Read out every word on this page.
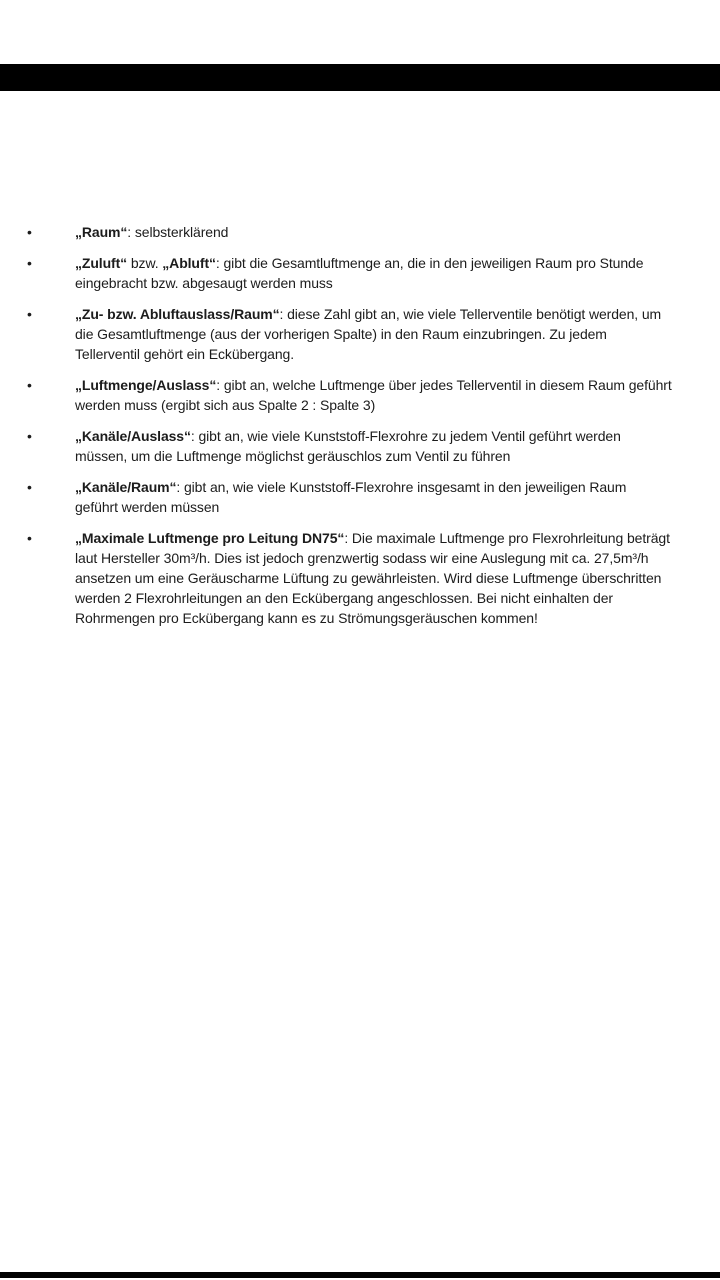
•	„Raum“: selbsterklärend
•	„Zuluft“ bzw. „Abluft“: gibt die Gesamtluftmenge an, die in den jeweiligen Raum pro Stunde eingebracht bzw. abgesaugt werden muss
•	„Zu- bzw. Abluftauslass/Raum“: diese Zahl gibt an, wie viele Tellerventile benötigt werden, um die Gesamtluftmenge (aus der vorherigen Spalte) in den Raum einzubringen. Zu jedem Tellerventil gehört ein Eckübergang.
•	„Luftmenge/Auslass“: gibt an, welche Luftmenge über jedes Tellerventil in diesem Raum geführt werden muss (ergibt sich aus Spalte 2 : Spalte 3)
•	„Kanäle/Auslass“: gibt an, wie viele Kunststoff-Flexrohre zu jedem Ventil geführt werden müssen, um die Luftmenge möglichst geräuschlos zum Ventil zu führen
•	„Kanäle/Raum“: gibt an, wie viele Kunststoff-Flexrohre insgesamt in den jeweiligen Raum geführt werden müssen
•	„Maximale Luftmenge pro Leitung DN75“: Die maximale Luftmenge pro Flexrohrleitung beträgt laut Hersteller 30m³/h. Dies ist jedoch grenzwertig sodass wir eine Auslegung mit ca. 27,5m³/h ansetzen um eine Geräuscharme Lüftung zu gewährleisten. Wird diese Luftmenge überschritten werden 2 Flexrohrleitungen an den Eckübergang angeschlossen. Bei nicht einhalten der Rohrmengen pro Eckübergang kann es zu Strömungsgeräuschen kommen!
